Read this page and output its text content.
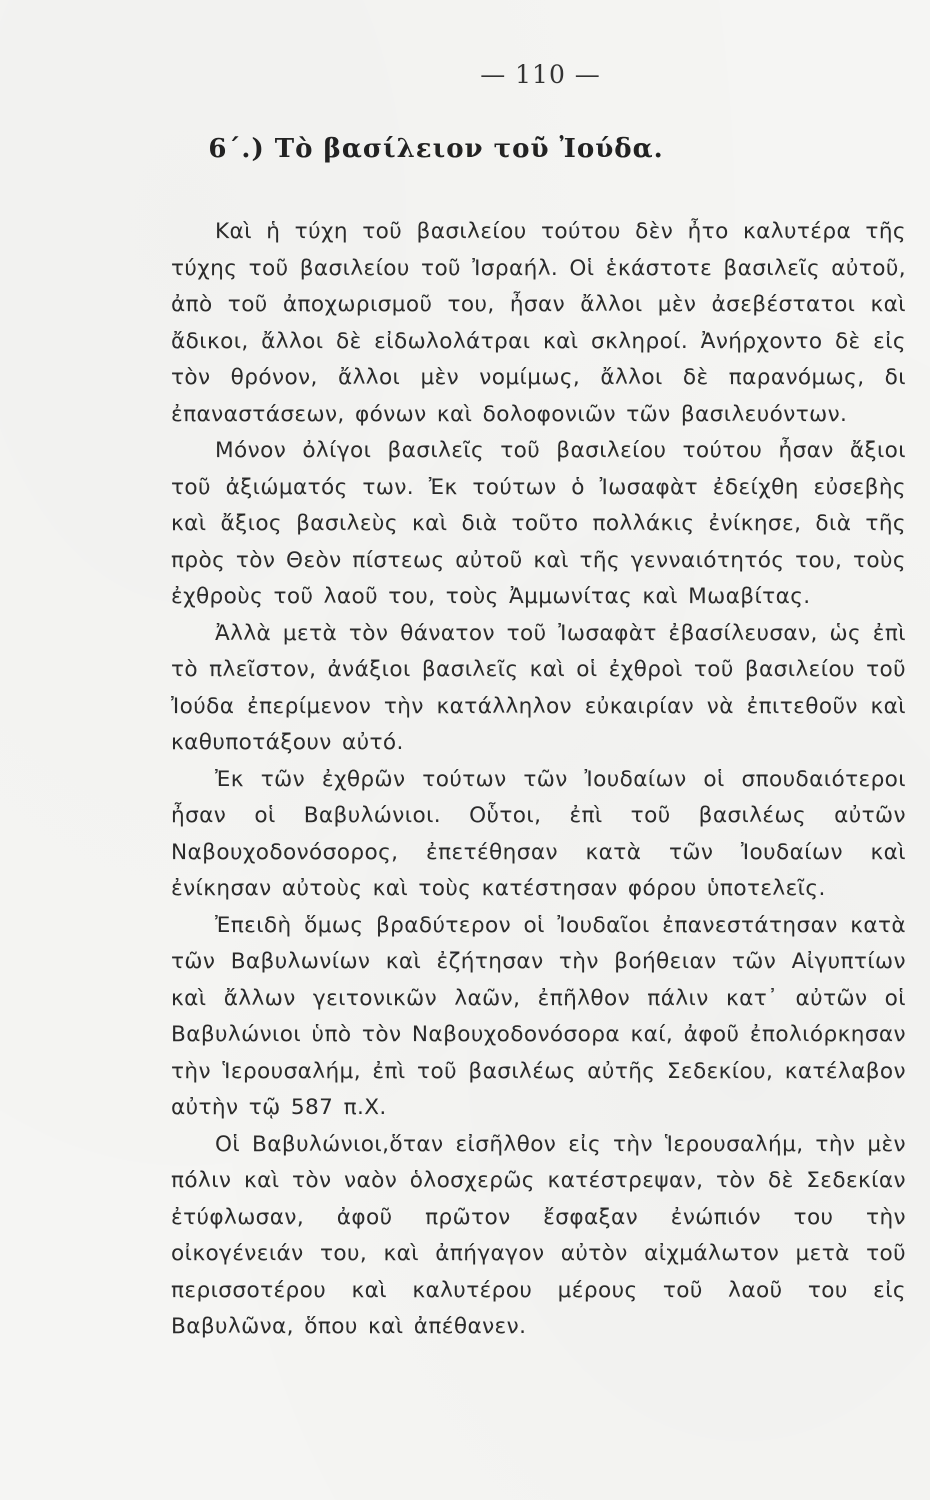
— 110 —
6΄.) Τὸ βασίλειον τοῦ Ἰούδα.

Καὶ ἡ τύχη τοῦ βασιλείου τούτου δὲν ἦτο καλυτέρα τῆς τύχης τοῦ βασιλείου τοῦ Ἰσραήλ. Οἱ ἑκάστοτε βασιλεῖς αὐτοῦ, ἀπὸ τοῦ ἀποχωρισμοῦ του, ἦσαν ἄλλοι μὲν ἀσεβέστατοι καὶ ἄδικοι, ἄλλοι δὲ εἰδωλολάτραι καὶ σκληροί. Ἀνήρχοντο δὲ εἰς τὸν θρόνον, ἄλλοι μὲν νομίμως, ἄλλοι δὲ παρανόμως, δι ἐπαναστάσεων, φόνων καὶ δολοφονιῶν τῶν βασιλευόντων.

Μόνον ὀλίγοι βασιλεῖς τοῦ βασιλείου τούτου ἦσαν ἄξιοι τοῦ ἀξιώματός των. Ἐκ τούτων ὁ Ἰωσαφὰτ ἐδείχθη εὐσεβὴς καὶ ἄξιος βασιλεὺς καὶ διὰ τοῦτο πολλάκις ἐνίκησε, διὰ τῆς πρὸς τὸν Θεὸν πίστεως αὐτοῦ καὶ τῆς γενναιότητός του, τοὺς ἐχθροὺς τοῦ λαοῦ του, τοὺς Ἀμμωνίτας καὶ Μωαβίτας.

Ἀλλὰ μετὰ τὸν θάνατον τοῦ Ἰωσαφὰτ ἐβασίλευσαν, ὡς ἐπὶ τὸ πλεῖστον, ἀνάξιοι βασιλεῖς καὶ οἱ ἐχθροὶ τοῦ βασιλείου τοῦ Ἰούδα ἐπερίμενον τὴν κατάλληλον εὐκαιρίαν νὰ ἐπιτεθοῦν καὶ καθυποτάξουν αὐτό.

Ἐκ τῶν ἐχθρῶν τούτων τῶν Ἰουδαίων οἱ σπουδαιότεροι ἦσαν οἱ Βαβυλώνιοι. Οὗτοι, ἐπὶ τοῦ βασιλέως αὐτῶν Ναβουχοδονόσορος, ἐπετέθησαν κατὰ τῶν Ἰουδαίων καὶ ἐνίκησαν αὐτοὺς καὶ τοὺς κατέστησαν φόρου ὑποτελεῖς.

Ἐπειδὴ ὅμως βραδύτερον οἱ Ἰουδαῖοι ἐπανεστάτησαν κατὰ τῶν Βαβυλωνίων καὶ ἐζήτησαν τὴν βοήθειαν τῶν Αἰγυπτίων καὶ ἄλλων γειτονικῶν λαῶν, ἐπῆλθον πάλιν κατ᾽ αὐτῶν οἱ Βαβυλώνιοι ὑπὸ τὸν Ναβουχοδονόσορα καί, ἀφοῦ ἐπολιόρκησαν τὴν Ἱερουσαλήμ, ἐπὶ τοῦ βασιλέως αὐτῆς Σεδεκίου, κατέλαβον αὐτὴν τῷ 587 π.Χ.

Οἱ Βαβυλώνιοι,ὅταν εἰσῆλθον εἰς τὴν Ἱερουσαλήμ, τὴν μὲν πόλιν καὶ τὸν ναὸν ὁλοσχερῶς κατέστρεψαν, τὸν δὲ Σεδεκίαν ἐτύφλωσαν, ἀφοῦ πρῶτον ἔσφαξαν ἐνώπιόν του τὴν οἰκογένειάν του, καὶ ἀπήγαγον αὐτὸν αἰχμάλωτον μετὰ τοῦ περισσοτέρου καὶ καλυτέρου μέρους τοῦ λαοῦ του εἰς Βαβυλῶνα, ὅπου καὶ ἀπέθανεν.
